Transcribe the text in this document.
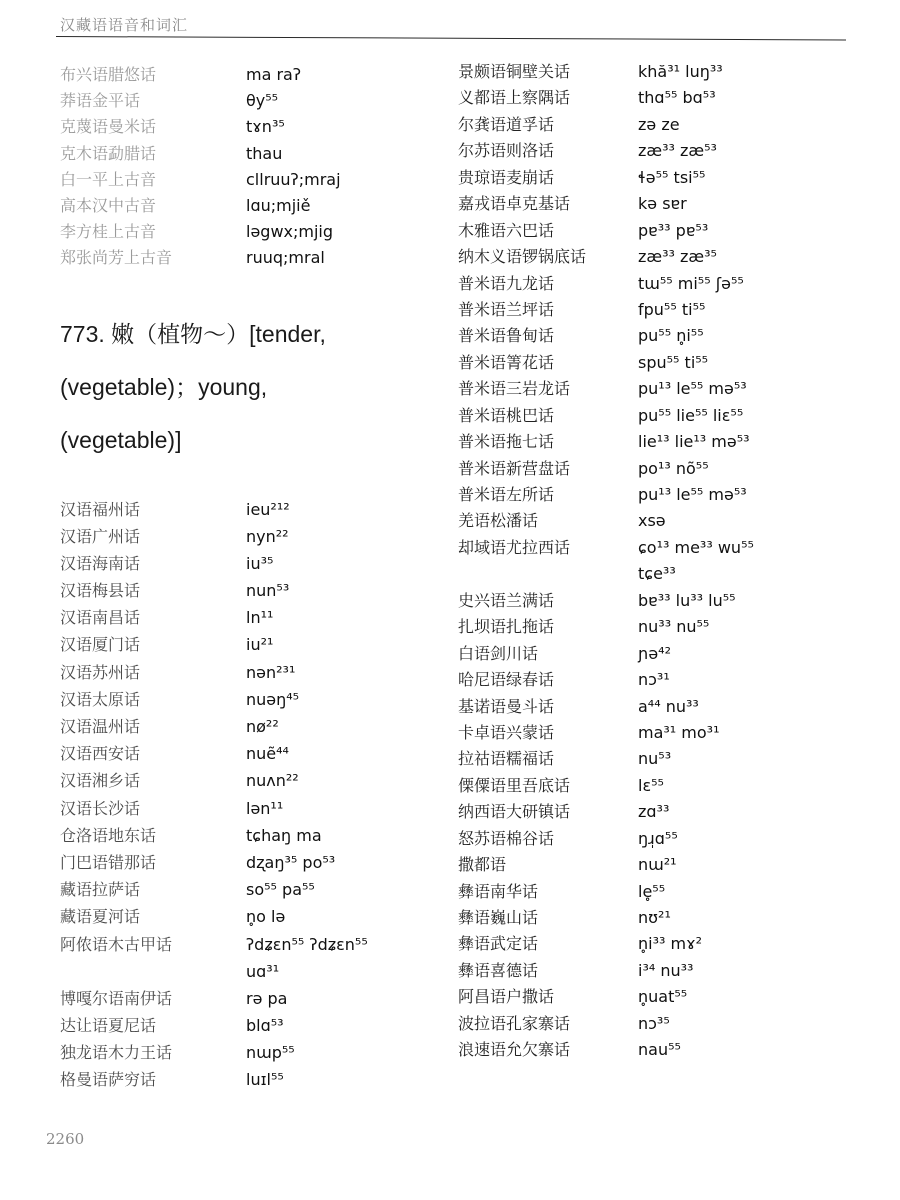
汉藏语语音和词汇
布兴语腊悠话	ma raʔ
莽语金平话	θy⁵⁵
克蔑语曼米话	tɤn³⁵
克木语勐腊话	thau
白一平上古音	cllruuʔ;mraj
高本汉中古音	lɑu;mjiě
李方桂上古音	ləgwx;mjig
郑张尚芳上古音	ruuq;mral
773. 嫩（植物～）[tender,
(vegetable)；young,
(vegetable)]
汉语福州话	ieu²¹²
汉语广州话	nyn²²
汉语海南话	iu³⁵
汉语梅县话	nun⁵³
汉语南昌话	ln¹¹
汉语厦门话	iu²¹
汉语苏州话	nən²³¹
汉语太原话	nuəŋ⁴⁵
汉语温州话	nø²²
汉语西安话	nuẽ⁴⁴
汉语湘乡话	nuʌn²²
汉语长沙话	lən¹¹
仓洛语地东话	tɕhaŋ ma
门巴语错那话	dʐaŋ³⁵ po⁵³
藏语拉萨话	so⁵⁵ pa⁵⁵
藏语夏河话	n̥o lə
阿侬语木古甲话	ʔdʑɛn⁵⁵ ʔdʑɛn⁵⁵
uɑ³¹
博嘎尔语南伊话	rə pa
达让语夏尼话	blɑ⁵³
独龙语木力王话	nɯp⁵⁵
格曼语萨穷话	luɪl⁵⁵
景颇语铜壁关话	khă³¹ luŋ³³
义都语上察隅话	thɑ⁵⁵ bɑ⁵³
尔龚语道孚话	zə ze
尔苏语则洛话	zæ³³ zæ⁵³
贵琼语麦崩话	ɬə⁵⁵ tsi⁵⁵
嘉戎语卓克基话	kə sɐr
木雅语六巴话	pɐ³³ pɐ⁵³
纳木义语锣锅底话	zæ³³ zæ³⁵
普米语九龙话	tɯ⁵⁵ mi⁵⁵ ʃə⁵⁵
普米语兰坪话	fpu⁵⁵ ti⁵⁵
普米语鲁甸话	pu⁵⁵ n̥i⁵⁵
普米语箐花话	spu⁵⁵ ti⁵⁵
普米语三岩龙话	pu¹³ le⁵⁵ mə⁵³
普米语桃巴话	pu⁵⁵ lie⁵⁵ liɛ⁵⁵
普米语拖七话	lie¹³ lie¹³ mə⁵³
普米语新营盘话	po¹³ nõ⁵⁵
普米语左所话	pu¹³ le⁵⁵ mə⁵³
羌语松潘话	xsə
却域语尤拉西话	ɕo¹³ me³³ wu⁵⁵
tɕe³³
史兴语兰满话	bɐ³³ lu³³ lu⁵⁵
扎坝语扎拖话	nu³³ nu⁵⁵
白语剑川话	ɲə⁴²
哈尼语绿春话	nɔ³¹
基诺语曼斗话	a⁴⁴ nu³³
卡卓语兴蒙话	ma³¹ mo³¹
拉祜语糯福话	nu⁵³
傈僳语里吾底话	lɛ⁵⁵
纳西语大研镇话	zɑ³³
怒苏语棉谷话	ŋɹ̩ɑ⁵⁵
撒都语	nɯ²¹
彝语南华话	le̥⁵⁵
彝语巍山话	nʊ²¹
彝语武定话	n̥i³³ mɤ²
彝语喜德话	i³⁴ nu³³
阿昌语户撒话	n̥uat⁵⁵
波拉语孔家寨话	nɔ³⁵
浪速语允欠寨话	nau⁵⁵
2260
